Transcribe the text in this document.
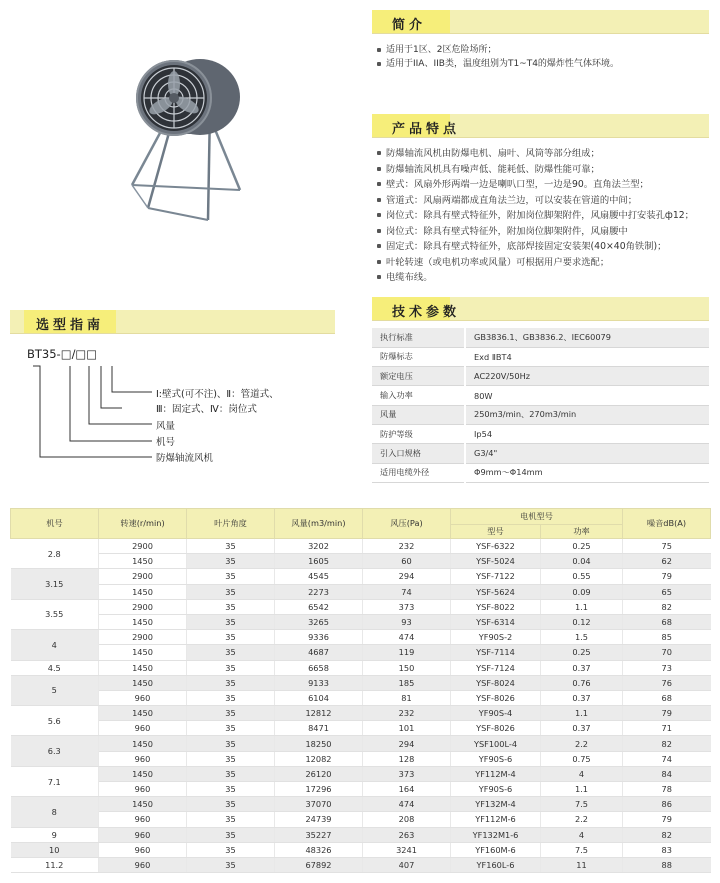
简介
适用于1区、2区危险场所；
适用于IIA、IIB类，温度组别为T1~T4的爆炸性气体环境。
产品特点
防爆轴流风机由防爆电机、扇叶、风筒等部分组成；
防爆轴流风机具有噪声低、能耗低、防爆性能可靠；
壁式：风扇外形两端一边是喇叭口型，一边是90。直角法兰型；
管道式：风扇两端都成直角法兰边，可以安装在管道的中间；
岗位式：除具有壁式特征外，附加岗位脚架附件，风扇腰中打安装孔ф12；
岗位式：除具有壁式特征外，附加岗位脚架附件，风扇腰中
固定式：除具有壁式特征外，底部焊接固定安装架(40×40角铁制)；
叶轮转速（或电机功率或风量）可根据用户要求选配；
电缆布线。
选型指南
BT35-□/□□
Ⅰ:壁式(可不注)、Ⅱ：管道式、
Ⅲ：固定式、Ⅳ：岗位式
风量
机号
防爆轴流风机
技术参数
执行标准	GB3836.1、GB3836.2、IEC60079
防爆标志	Exd ⅡBT4
额定电压	AC220V/50Hz
输入功率	80W
风量	250m3/min、270m3/min
防护等级	Ip54
引入口规格	G3/4"
适用电缆外径	Φ9mm～Φ14mm
机号	转速(r/min)	叶片角度	风量(m3/min)	风压(Pa)	电机型号		噪音dB(A)
					型号	功率	
2.8	2900	35	3202	232	YSF-6322	0.25	75
	1450	35	1605	60	YSF-5024	0.04	62
3.15	2900	35	4545	294	YSF-7122	0.55	79
	1450	35	2273	74	YSF-5624	0.09	65
3.55	2900	35	6542	373	YSF-8022	1.1	82
	1450	35	3265	93	YSF-6314	0.12	68
4	2900	35	9336	474	YF90S-2	1.5	85
	1450	35	4687	119	YSF-7114	0.25	70
4.5	1450	35	6658	150	YSF-7124	0.37	73
5	1450	35	9133	185	YSF-8024	0.76	76
	960	35	6104	81	YSF-8026	0.37	68
5.6	1450	35	12812	232	YF90S-4	1.1	79
	960	35	8471	101	YSF-8026	0.37	71
6.3	1450	35	18250	294	YSF100L-4	2.2	82
	960	35	12082	128	YF90S-6	0.75	74
7.1	1450	35	26120	373	YF112M-4	4	84
	960	35	17296	164	YF90S-6	1.1	78
8	1450	35	37070	474	YF132M-4	7.5	86
	960	35	24739	208	YF112M-6	2.2	79
9	960	35	35227	263	YF132M1-6	4	82
10	960	35	48326	3241	YF160M-6	7.5	83
11.2	960	35	67892	407	YF160L-6	11	88
